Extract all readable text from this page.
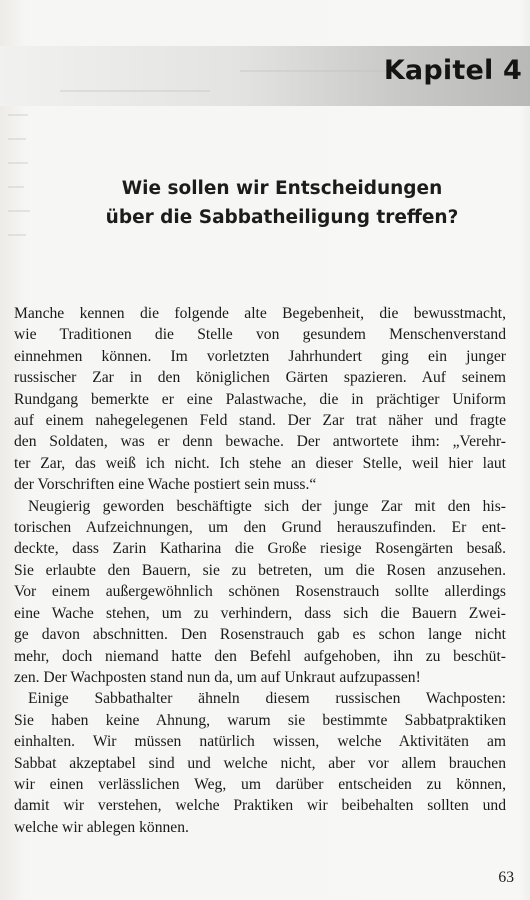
Kapitel 4
Wie sollen wir Entscheidungen
über die Sabbatheiligung treffen?
Manche kennen die folgende alte Begebenheit, die bewusstmacht,
wie Traditionen die Stelle von gesundem Menschenverstand
einnehmen können. Im vorletzten Jahrhundert ging ein junger
russischer Zar in den königlichen Gärten spazieren. Auf seinem
Rundgang bemerkte er eine Palastwache, die in prächtiger Uniform
auf einem nahegelegenen Feld stand. Der Zar trat näher und fragte
den Soldaten, was er denn bewache. Der antwortete ihm: „Verehr-
ter Zar, das weiß ich nicht. Ich stehe an dieser Stelle, weil hier laut
der Vorschriften eine Wache postiert sein muss.“
Neugierig geworden beschäftigte sich der junge Zar mit den his-
torischen Aufzeichnungen, um den Grund herauszufinden. Er ent-
deckte, dass Zarin Katharina die Große riesige Rosengärten besaß.
Sie erlaubte den Bauern, sie zu betreten, um die Rosen anzusehen.
Vor einem außergewöhnlich schönen Rosenstrauch sollte allerdings
eine Wache stehen, um zu verhindern, dass sich die Bauern Zwei-
ge davon abschnitten. Den Rosenstrauch gab es schon lange nicht
mehr, doch niemand hatte den Befehl aufgehoben, ihn zu beschüt-
zen. Der Wachposten stand nun da, um auf Unkraut aufzupassen!
Einige Sabbathalter ähneln diesem russischen Wachposten:
Sie haben keine Ahnung, warum sie bestimmte Sabbatpraktiken
einhalten. Wir müssen natürlich wissen, welche Aktivitäten am
Sabbat akzeptabel sind und welche nicht, aber vor allem brauchen
wir einen verlässlichen Weg, um darüber entscheiden zu können,
damit wir verstehen, welche Praktiken wir beibehalten sollten und
welche wir ablegen können.
63
